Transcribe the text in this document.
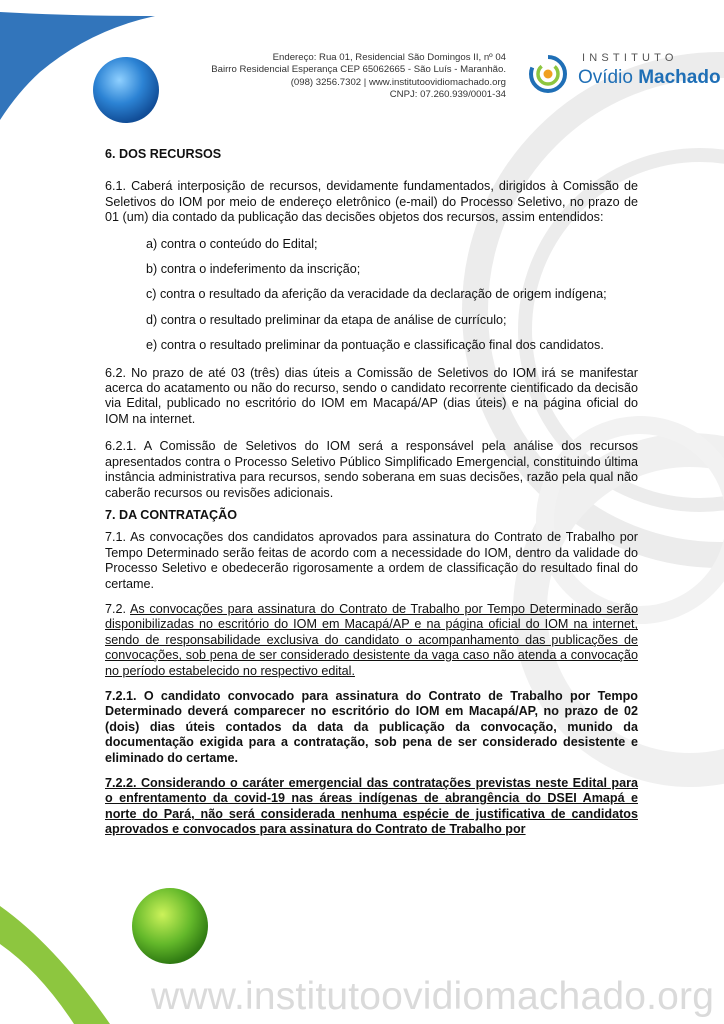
Endereço: Rua 01, Residencial São Domingos II, nº 04
Bairro Residencial Esperança CEP 65062665 - São Luís - Maranhão.
(098) 3256.7302 | www.institutoovidiomachado.org
CNPJ: 07.260.939/0001-34
INSTITUTO
Ovídio Machado

6. DOS RECURSOS

6.1. Caberá interposição de recursos, devidamente fundamentados, dirigidos à Comissão de Seletivos do IOM por meio de endereço eletrônico (e-mail) do Processo Seletivo, no prazo de 01 (um) dia contado da publicação das decisões objetos dos recursos, assim entendidos:

a) contra o conteúdo do Edital;

b) contra o indeferimento da inscrição;

c) contra o resultado da aferição da veracidade da declaração de origem indígena;

d) contra o resultado preliminar da etapa de análise de currículo;

e) contra o resultado preliminar da pontuação e classificação final dos candidatos.

6.2. No prazo de até 03 (três) dias úteis a Comissão de Seletivos do IOM irá se manifestar acerca do acatamento ou não do recurso, sendo o candidato recorrente cientificado da decisão via Edital, publicado no escritório do IOM em Macapá/AP (dias úteis) e na página oficial do IOM na internet.

6.2.1. A Comissão de Seletivos do IOM será a responsável pela análise dos recursos apresentados contra o Processo Seletivo Público Simplificado Emergencial, constituindo última instância administrativa para recursos, sendo soberana em suas decisões, razão pela qual não caberão recursos ou revisões adicionais.

7. DA CONTRATAÇÃO

7.1. As convocações dos candidatos aprovados para assinatura do Contrato de Trabalho por Tempo Determinado serão feitas de acordo com a necessidade do IOM, dentro da validade do Processo Seletivo e obedecerão rigorosamente a ordem de classificação do resultado final do certame.

7.2. As convocações para assinatura do Contrato de Trabalho por Tempo Determinado serão disponibilizadas no escritório do IOM em Macapá/AP e na página oficial do IOM na internet, sendo de responsabilidade exclusiva do candidato o acompanhamento das publicações de convocações, sob pena de ser considerado desistente da vaga caso não atenda a convocação no período estabelecido no respectivo edital.

7.2.1. O candidato convocado para assinatura do Contrato de Trabalho por Tempo Determinado deverá comparecer no escritório do IOM em Macapá/AP, no prazo de 02 (dois) dias úteis contados da data da publicação da convocação, munido da documentação exigida para a contratação, sob pena de ser considerado desistente e eliminado do certame.

7.2.2. Considerando o caráter emergencial das contratações previstas neste Edital para o enfrentamento da covid-19 nas áreas indígenas de abrangência do DSEI Amapá e norte do Pará, não será considerada nenhuma espécie de justificativa de candidatos aprovados e convocados para assinatura do Contrato de Trabalho por

www.institutoovidiomachado.org
